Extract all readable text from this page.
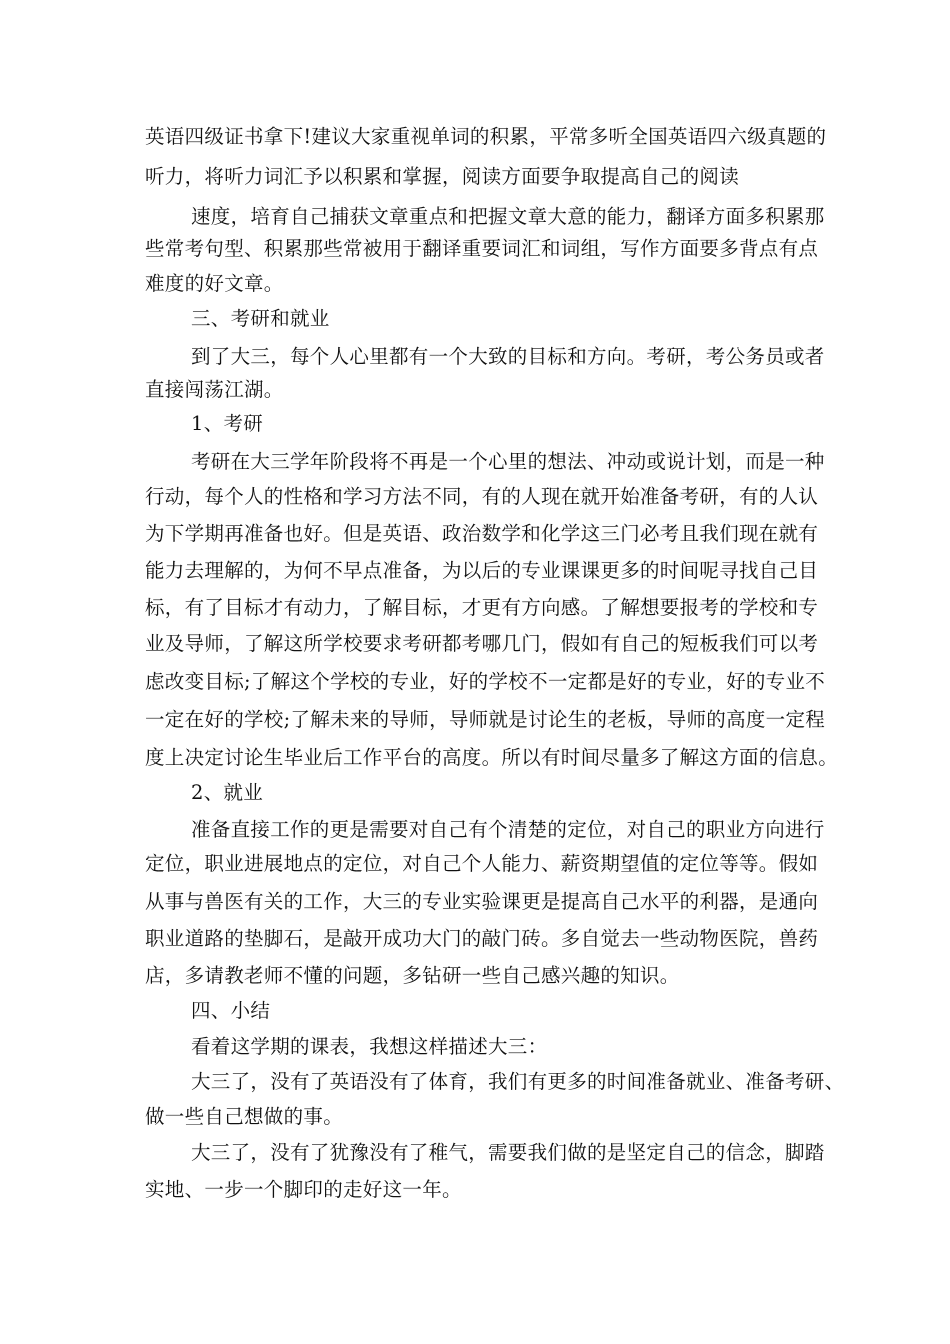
英语四级证书拿下!建议大家重视单词的积累，平常多听全国英语四六级真题的
听力，将听力词汇予以积累和掌握，阅读方面要争取提高自己的阅读
速度，培育自己捕获文章重点和把握文章大意的能力，翻译方面多积累那
些常考句型、积累那些常被用于翻译重要词汇和词组，写作方面要多背点有点
难度的好文章。
三、考研和就业
到了大三，每个人心里都有一个大致的目标和方向。考研，考公务员或者
直接闯荡江湖。
1、考研
考研在大三学年阶段将不再是一个心里的想法、冲动或说计划，而是一种
行动，每个人的性格和学习方法不同，有的人现在就开始准备考研，有的人认
为下学期再准备也好。但是英语、政治数学和化学这三门必考且我们现在就有
能力去理解的，为何不早点准备，为以后的专业课课更多的时间呢寻找自己目
标，有了目标才有动力，了解目标，才更有方向感。了解想要报考的学校和专
业及导师，了解这所学校要求考研都考哪几门，假如有自己的短板我们可以考
虑改变目标;了解这个学校的专业，好的学校不一定都是好的专业，好的专业不
一定在好的学校;了解未来的导师，导师就是讨论生的老板，导师的高度一定程
度上决定讨论生毕业后工作平台的高度。所以有时间尽量多了解这方面的信息。
2、就业
准备直接工作的更是需要对自己有个清楚的定位，对自己的职业方向进行
定位，职业进展地点的定位，对自己个人能力、薪资期望值的定位等等。假如
从事与兽医有关的工作，大三的专业实验课更是提高自己水平的利器，是通向
职业道路的垫脚石，是敲开成功大门的敲门砖。多自觉去一些动物医院，兽药
店，多请教老师不懂的问题，多钻研一些自己感兴趣的知识。
四、小结
看着这学期的课表，我想这样描述大三：
大三了，没有了英语没有了体育，我们有更多的时间准备就业、准备考研、
做一些自己想做的事。
大三了，没有了犹豫没有了稚气，需要我们做的是坚定自己的信念，脚踏
实地、一步一个脚印的走好这一年。
